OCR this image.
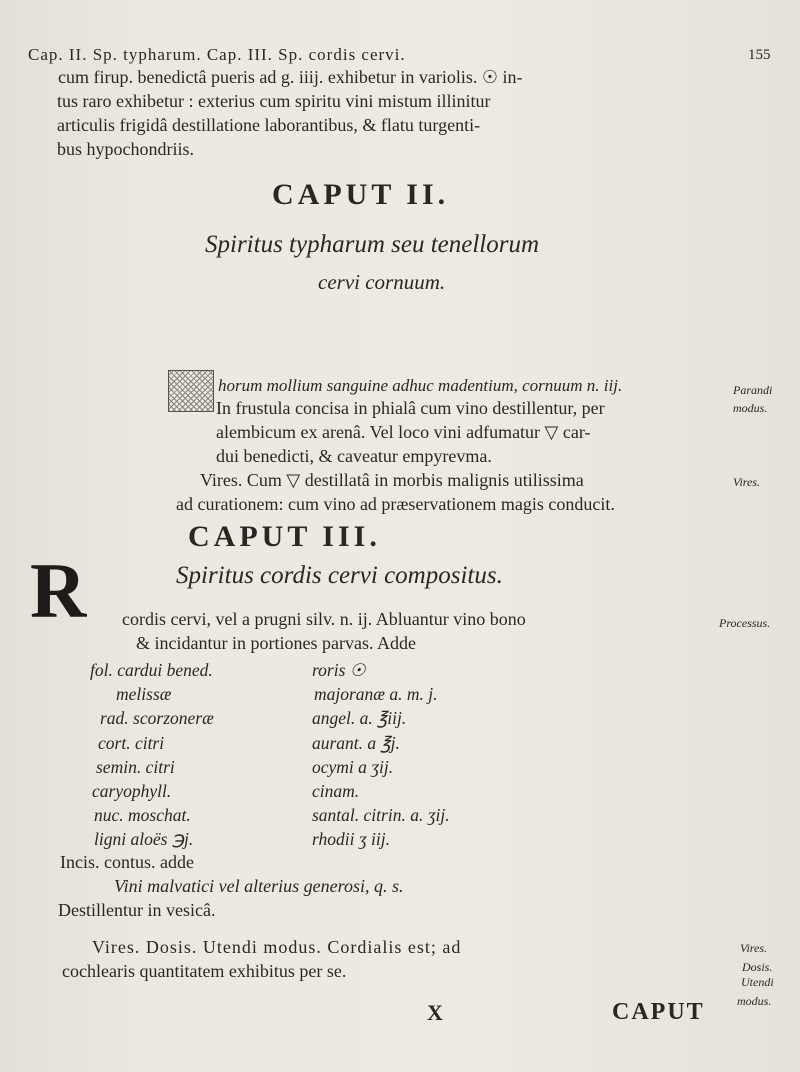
Cap. II. Sp. typharum. Cap. III. Sp. cordis cervi.	155
cum firup. benedictâ pueris ad g. iiij. exhibetur in variolis. ☉ in-
tus raro exhibetur : exterius cum spiritu vini mistum illinitur
articulis frigidâ destillatione laborantibus, & flatu turgenti-
bus hypochondriis.
CAPUT II.
Spiritus typharum seu tenellorum
cervi cornuum.
horum mollium sanguine adhuc madentium, cornuum n. iij.
In frustula concisa in phialâ cum vino destillentur, per
alembicum ex arenâ. Vel loco vini adfumatur ▽ car-
dui benedicti, & caveatur empyrevma.
Vires. Cum ▽ destillatâ in morbis malignis utilissima
ad curationem: cum vino ad præservationem magis conducit.
Parandi
modus.
Vires.
CAPUT III.
Spiritus cordis cervi compositus.
R cordis cervi, vel a prugni silv. n. ij. Abluantur vino bono
& incidantur in portiones parvas. Adde
Processus.
fol. cardui bened.
melissæ
rad. scorzoneræ
cort. citri
semin. citri
caryophyll.
nuc. moschat.
ligni aloës ℈j.
roris ☉
majoranæ a. m. j.
angel. a. ℥iij.
aurant. a ℥j.
ocymi a ʒij.
cinam.
santal. citrin. a. ʒij.
rhodii ʒ iij.
Incis. contus. adde
Vini malvatici vel alterius generosi, q. s.
Destillentur in vesicâ.
Vires. Dosis. Utendi modus. Cordialis est; ad
cochlearis quantitatem exhibitus per se.
Vires.
Dosis.
Utendi
modus.
X	CAPUT
